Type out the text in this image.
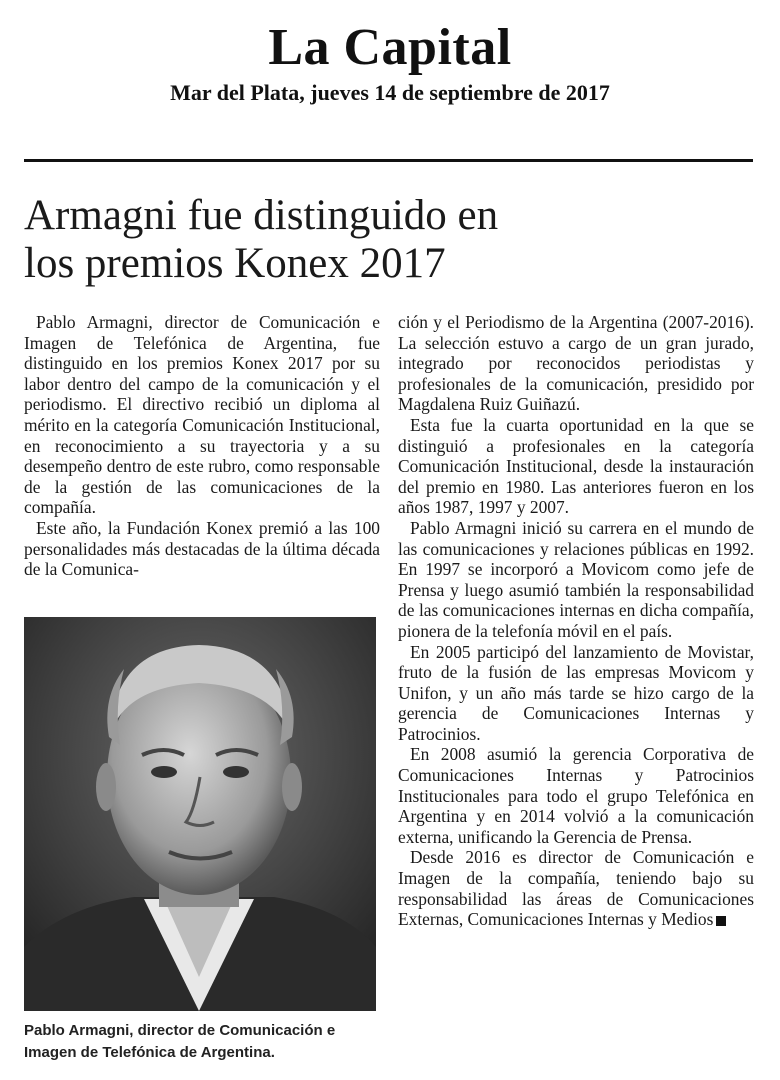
La Capital
Mar del Plata, jueves 14 de septiembre de 2017
Armagni fue distinguido en
los premios Konex 2017

Pablo Armagni, director de Comunicación e Imagen de Telefónica de Argentina, fue distinguido en los premios Konex 2017 por su labor dentro del campo de la comunicación y el periodismo. El directivo recibió un diploma al mérito en la categoría Comunicación Institucional, en reconocimiento a su trayectoria y a su desempeño dentro de este rubro, como responsable de la gestión de las comunicaciones de la compañía.

Este año, la Fundación Konex premió a las 100 personalidades más destacadas de la última década de la Comunica-

Pablo Armagni, director de Comunicación e Imagen de Telefónica de Argentina.

ción y el Periodismo de la Argentina (2007-2016). La selección estuvo a cargo de un gran jurado, integrado por reconocidos periodistas y profesionales de la comunicación, presidido por Magdalena Ruiz Guiñazú.

Esta fue la cuarta oportunidad en la que se distinguió a profesionales en la categoría Comunicación Institucional, desde la instauración del premio en 1980. Las anteriores fueron en los años 1987, 1997 y 2007.

Pablo Armagni inició su carrera en el mundo de las comunicaciones y relaciones públicas en 1992. En 1997 se incorporó a Movicom como jefe de Prensa y luego asumió también la responsabilidad de las comunicaciones internas en dicha compañía, pionera de la telefonía móvil en el país.

En 2005 participó del lanzamiento de Movistar, fruto de la fusión de las empresas Movicom y Unifon, y un año más tarde se hizo cargo de la gerencia de Comunicaciones Internas y Patrocinios.

En 2008 asumió la gerencia Corporativa de Comunicaciones Internas y Patrocinios Institucionales para todo el grupo Telefónica en Argentina y en 2014 volvió a la comunicación externa, unificando la Gerencia de Prensa.

Desde 2016 es director de Comunicación e Imagen de la compañía, teniendo bajo su responsabilidad las áreas de Comunicaciones Externas, Comunicaciones Internas y Medios
